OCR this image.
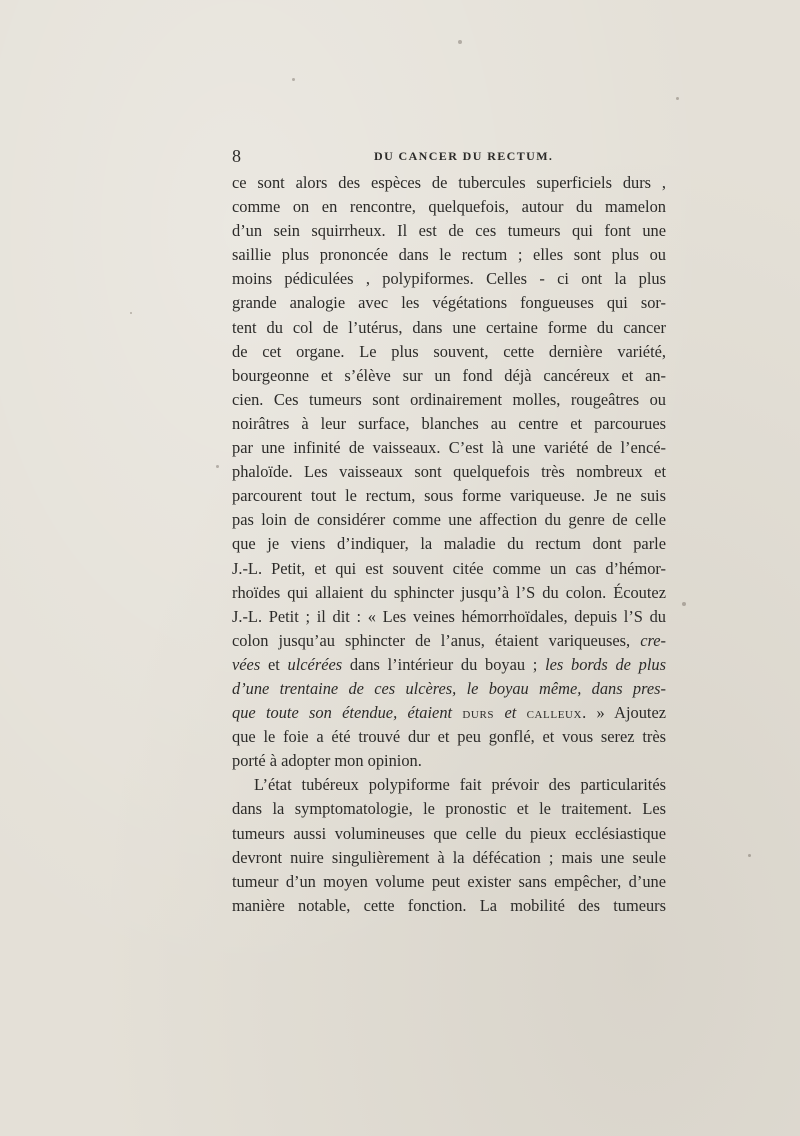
8	DU CANCER DU RECTUM.
ce sont alors des espèces de tubercules superficiels durs ,
comme on en rencontre, quelquefois, autour du mamelon
d’un sein squirrheux. Il est de ces tumeurs qui font une
saillie plus prononcée dans le rectum ; elles sont plus ou
moins pédiculées , polypiformes. Celles - ci ont la plus
grande analogie avec les végétations fongueuses qui sor-
tent du col de l’utérus, dans une certaine forme du cancer
de cet organe. Le plus souvent, cette dernière variété,
bourgeonne et s’élève sur un fond déjà cancéreux et an-
cien. Ces tumeurs sont ordinairement molles, rougeâtres ou
noirâtres à leur surface, blanches au centre et parcourues
par une infinité de vaisseaux. C’est là une variété de l’encé-
phaloïde. Les vaisseaux sont quelquefois très nombreux et
parcourent tout le rectum, sous forme variqueuse. Je ne suis
pas loin de considérer comme une affection du genre de celle
que je viens d’indiquer, la maladie du rectum dont parle
J.-L. Petit, et qui est souvent citée comme un cas d’hémor-
rhoïdes qui allaient du sphincter jusqu’à l’S du colon. Écoutez
J.-L. Petit ; il dit : « Les veines hémorrhoïdales, depuis l’S du
colon jusqu’au sphincter de l’anus, étaient variqueuses, cre-
vées et ulcérées dans l’intérieur du boyau ; les bords de plus
d’une trentaine de ces ulcères, le boyau même, dans pres-
que toute son étendue, étaient durs et calleux. » Ajoutez
que le foie a été trouvé dur et peu gonflé, et vous serez très
porté à adopter mon opinion.
L’état tubéreux polypiforme fait prévoir des particularités
dans la symptomatologie, le pronostic et le traitement. Les
tumeurs aussi volumineuses que celle du pieux ecclésiastique
devront nuire singulièrement à la défécation ; mais une seule
tumeur d’un moyen volume peut exister sans empêcher, d’une
manière notable, cette fonction. La mobilité des tumeurs
